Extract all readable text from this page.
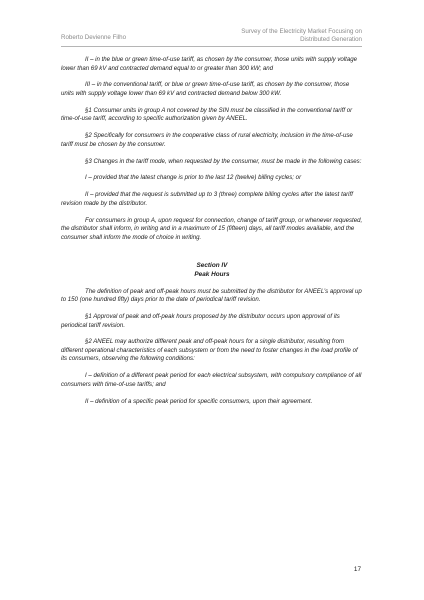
Roberto Devienne Filho
Survey of the Electricity Market Focusing on
Distributed Generation

II – in the blue or green time-of-use tariff, as chosen by the consumer, those units with supply voltage lower than 69 kV and contracted demand equal to or greater than 300 kW; and

III – in the conventional tariff, or blue or green time-of-use tariff, as chosen by the consumer, those units with supply voltage lower than 69 kV and contracted demand below 300 kW.

§1 Consumer units in group A not covered by the SIN must be classified in the conventional tariff or time-of-use tariff, according to specific authorization given by ANEEL.

§2 Specifically for consumers in the cooperative class of rural electricity, inclusion in the time-of-use tariff must be chosen by the consumer.

§3 Changes in the tariff mode, when requested by the consumer, must be made in the following cases:

I – provided that the latest change is prior to the last 12 (twelve) billing cycles; or

II – provided that the request is submitted up to 3 (three) complete billing cycles after the latest tariff revision made by the distributor.

For consumers in group A, upon request for connection, change of tariff group, or whenever requested, the distributor shall inform, in writing and in a maximum of 15 (fifteen) days, all tariff modes available, and the consumer shall inform the mode of choice in writing.

Section IV
Peak Hours

The definition of peak and off-peak hours must be submitted by the distributor for ANEEL’s approval up to 150 (one hundred fifty) days prior to the date of periodical tariff revision.

§1 Approval of peak and off-peak hours proposed by the distributor occurs upon approval of its periodical tariff revision.

§2 ANEEL may authorize different peak and off-peak hours for a single distributor, resulting from different operational characteristics of each subsystem or from the need to foster changes in the load profile of its consumers, observing the following conditions:

I – definition of a different peak period for each electrical subsystem, with compulsory compliance of all consumers with time-of-use tariffs; and

II – definition of a specific peak period for specific consumers, upon their agreement.

17
